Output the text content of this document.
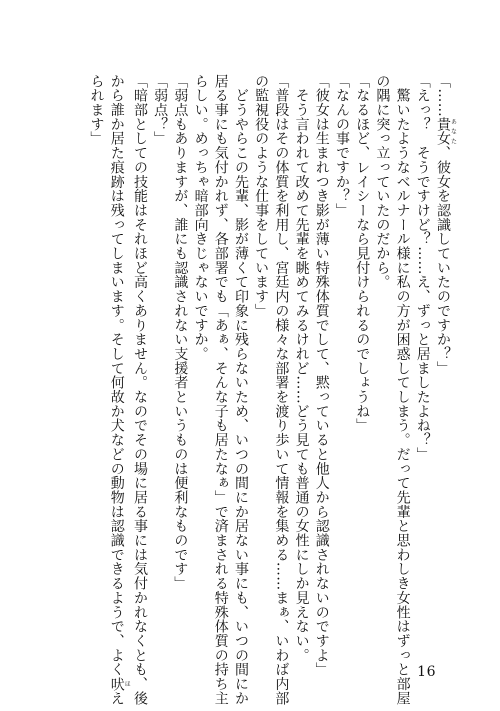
「……貴女あなた、彼女を認識していたのですか？」

「えっ？　そうですけど？……え、ずっと居ましたよね？」

　驚いたようなベルナール様に私の方が困惑してしまう。だって先輩と思わしき女性はずっと部屋

の隅に突っ立っていたのだから。

「なるほど、レイシーなら見付けられるのでしょうね」

「なんの事ですか？」

「彼女は生まれつき影が薄い特殊体質でして、黙っていると他人から認識されないのですよ」

　そう言われて改めて先輩を眺めてみるけれど……どう見ても普通の女性にしか見えない。

「普段はその体質を利用し、宮廷内の様々な部署を渡り歩いて情報を集める……まぁ、いわば内部

の監視役のような仕事をしています」

　どうやらこの先輩、影が薄くて印象に残らないため、いつの間にか居ない事にも、いつの間にか

居る事にも気付かれず、各部署でも「あぁ、そんな子も居たなぁ」で済まされる特殊体質の持ち主

らしい。めっちゃ暗部向きじゃないですか。

「弱点もありますが、誰にも認識されない支援者というものは便利なものです」

「弱点？」

「暗部としての技能はそれほど高くありません。なのでその場に居る事には気付かれなくとも、後

から誰か居た痕跡は残ってしまいます。そして何故か犬などの動物は認識できるようで、よく吠ほえ

られます」

16
